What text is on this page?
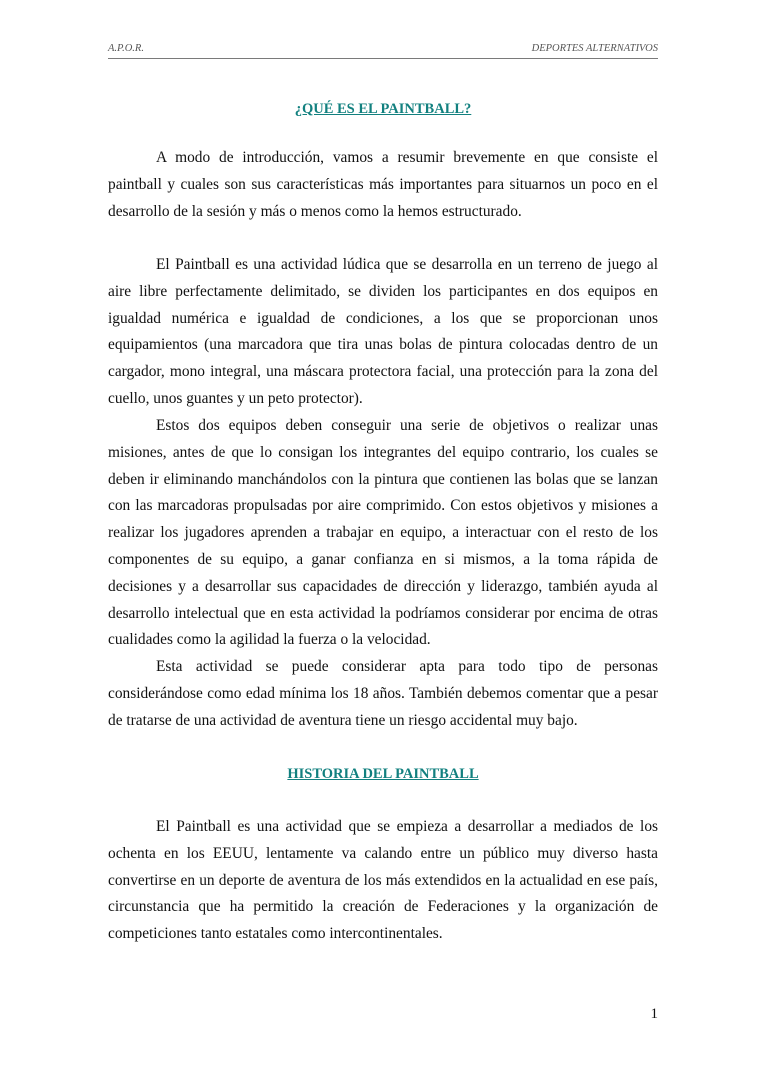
A.P.O.R.	DEPORTES ALTERNATIVOS
¿QUÉ ES EL PAINTBALL?

A modo de introducción, vamos a resumir brevemente en que consiste el paintball y cuales son sus características más importantes para situarnos un poco en el desarrollo de la sesión y más o menos como la hemos estructurado.

El Paintball es una actividad lúdica que se desarrolla en un terreno de juego al aire libre perfectamente delimitado, se dividen los participantes en dos equipos en igualdad numérica e igualdad de condiciones, a los que se proporcionan unos equipamientos (una marcadora que tira unas bolas de pintura colocadas dentro de un cargador, mono integral, una máscara protectora facial, una protección para la zona del cuello, unos guantes y un peto protector).

Estos dos equipos deben conseguir una serie de objetivos o realizar unas misiones, antes de que lo consigan los integrantes del equipo contrario, los cuales se deben ir eliminando manchándolos con la pintura que contienen las bolas que se lanzan con las marcadoras propulsadas por aire comprimido. Con estos objetivos y misiones a realizar los jugadores aprenden a trabajar en equipo, a interactuar con el resto de los componentes de su equipo, a ganar confianza en si mismos, a la toma rápida de decisiones y a desarrollar sus capacidades de dirección y liderazgo, también ayuda al desarrollo intelectual que en esta actividad la podríamos considerar por encima de otras cualidades como la agilidad la fuerza o la velocidad.

Esta actividad se puede considerar apta para todo tipo de personas considerándose como edad mínima los 18 años. También debemos comentar que a pesar de tratarse de una actividad de aventura tiene un riesgo accidental muy bajo.

HISTORIA DEL PAINTBALL

El Paintball es una actividad que se empieza a desarrollar a mediados de los ochenta en los EEUU, lentamente va calando entre un público muy diverso hasta convertirse en un deporte de aventura de los más extendidos en la actualidad en ese país, circunstancia que ha permitido la creación de Federaciones y la organización de competiciones tanto estatales como intercontinentales.

1
